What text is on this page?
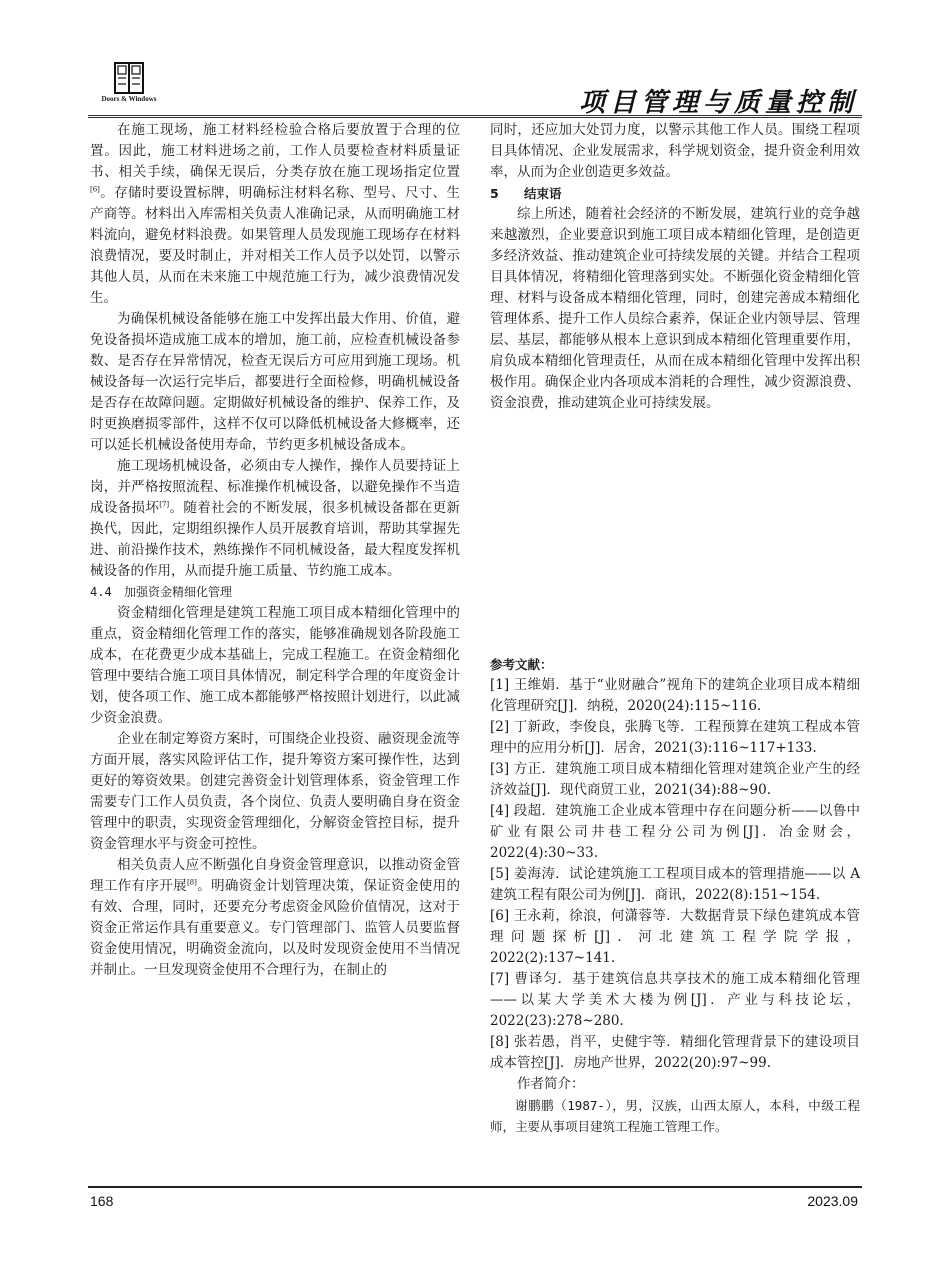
Doors & Windows	项目管理与质量控制

在施工现场，施工材料经检验合格后要放置于合理的位置。因此，施工材料进场之前，工作人员要检查材料质量证书、相关手续，确保无误后，分类存放在施工现场指定位置[6]。存储时要设置标牌，明确标注材料名称、型号、尺寸、生产商等。材料出入库需相关负责人准确记录，从而明确施工材料流向，避免材料浪费。如果管理人员发现施工现场存在材料浪费情况，要及时制止，并对相关工作人员予以处罚，以警示其他人员，从而在未来施工中规范施工行为，减少浪费情况发生。

为确保机械设备能够在施工中发挥出最大作用、价值，避免设备损坏造成施工成本的增加，施工前，应检查机械设备参数、是否存在异常情况，检查无误后方可应用到施工现场。机械设备每一次运行完毕后，都要进行全面检修，明确机械设备是否存在故障问题。定期做好机械设备的维护、保养工作，及时更换磨损零部件，这样不仅可以降低机械设备大修概率，还可以延长机械设备使用寿命，节约更多机械设备成本。

施工现场机械设备，必须由专人操作，操作人员要持证上岗，并严格按照流程、标准操作机械设备，以避免操作不当造成设备损坏[7]。随着社会的不断发展，很多机械设备都在更新换代，因此，定期组织操作人员开展教育培训，帮助其掌握先进、前沿操作技术，熟练操作不同机械设备，最大程度发挥机械设备的作用，从而提升施工质量、节约施工成本。

4.4 加强资金精细化管理

资金精细化管理是建筑工程施工项目成本精细化管理中的重点，资金精细化管理工作的落实，能够准确规划各阶段施工成本，在花费更少成本基础上，完成工程施工。在资金精细化管理中要结合施工项目具体情况，制定科学合理的年度资金计划，使各项工作、施工成本都能够严格按照计划进行，以此减少资金浪费。

企业在制定筹资方案时，可围绕企业投资、融资现金流等方面开展，落实风险评估工作，提升筹资方案可操作性，达到更好的筹资效果。创建完善资金计划管理体系，资金管理工作需要专门工作人员负责，各个岗位、负责人要明确自身在资金管理中的职责，实现资金管理细化，分解资金管控目标，提升资金管理水平与资金可控性。

相关负责人应不断强化自身资金管理意识，以推动资金管理工作有序开展[8]。明确资金计划管理决策，保证资金使用的有效、合理，同时，还要充分考虑资金风险价值情况，这对于资金正常运作具有重要意义。专门管理部门、监管人员要监督资金使用情况，明确资金流向，以及时发现资金使用不当情况并制止。一旦发现资金使用不合理行为，在制止的

同时，还应加大处罚力度，以警示其他工作人员。围绕工程项目具体情况、企业发展需求，科学规划资金，提升资金利用效率，从而为企业创造更多效益。

5 结束语

综上所述，随着社会经济的不断发展，建筑行业的竞争越来越激烈，企业要意识到施工项目成本精细化管理，是创造更多经济效益、推动建筑企业可持续发展的关键。并结合工程项目具体情况，将精细化管理落到实处。不断强化资金精细化管理、材料与设备成本精细化管理，同时，创建完善成本精细化管理体系、提升工作人员综合素养，保证企业内领导层、管理层、基层，都能够从根本上意识到成本精细化管理重要作用，肩负成本精细化管理责任，从而在成本精细化管理中发挥出积极作用。确保企业内各项成本消耗的合理性，减少资源浪费、资金浪费，推动建筑企业可持续发展。

参考文献：

[1] 王维娟．基于“业财融合”视角下的建筑企业项目成本精细化管理研究[J]．纳税，2020(24):115~116.

[2] 丁新政，李俊良，张腾飞等．工程预算在建筑工程成本管理中的应用分析[J]．居舍，2021(3):116~117+133.

[3] 方正．建筑施工项目成本精细化管理对建筑企业产生的经济效益[J]．现代商贸工业，2021(34):88~90.

[4] 段超．建筑施工企业成本管理中存在问题分析——以鲁中矿业有限公司井巷工程分公司为例[J]．冶金财会，2022(4):30~33.

[5] 姜海涛．试论建筑施工工程项目成本的管理措施——以 A 建筑工程有限公司为例[J]．商讯，2022(8):151~154.

[6] 王永莉，徐浪，何潇蓉等．大数据背景下绿色建筑成本管理问题探析[J]．河北建筑工程学院学报，2022(2):137~141.

[7] 曹译匀．基于建筑信息共享技术的施工成本精细化管理——以某大学美术大楼为例[J]．产业与科技论坛，2022(23):278~280.

[8] 张若愚，肖平，史健宇等．精细化管理背景下的建设项目成本管控[J]．房地产世界，2022(20):97~99.

作者简介：

谢鹏鹏（1987-），男，汉族，山西太原人，本科，中级工程师，主要从事项目建筑工程施工管理工作。

168	2023.09
